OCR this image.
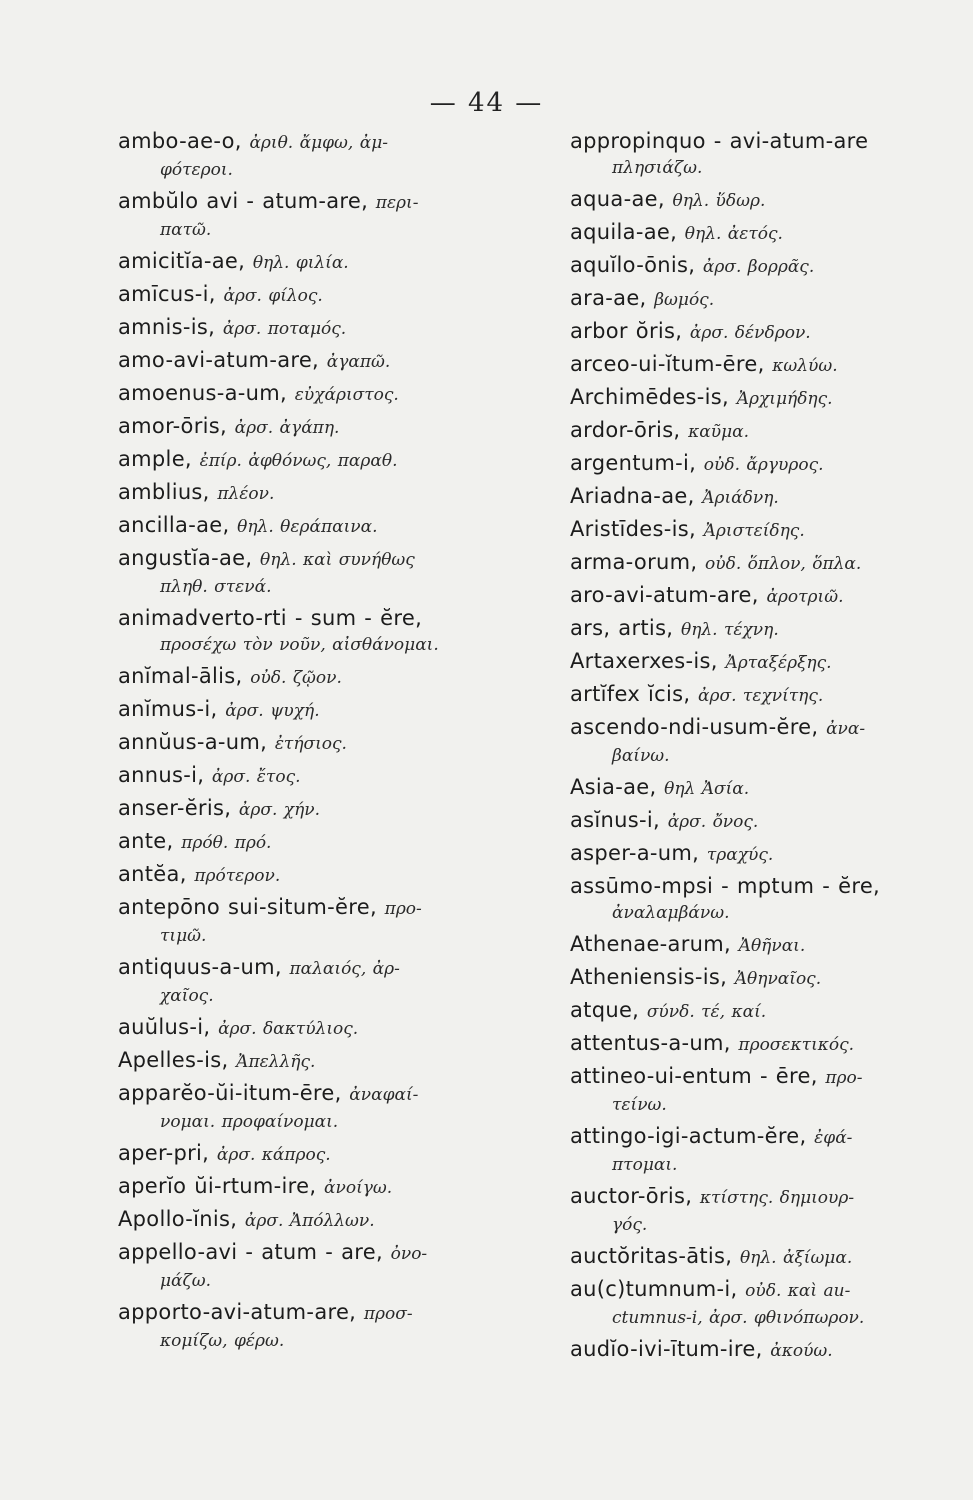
— 44 —
ambo-ae-o, ἀριθ. ἄμφω, ἀμ-
φότεροι.
ambŭlo avi - atum-are, περι-
πατῶ.
amicitĭa-ae, θηλ. φιλία.
amīcus-i, ἀρσ. φίλος.
amnis-is, ἀρσ. ποταμός.
amo-avi-atum-are, ἀγαπῶ.
amoenus-a-um, εὐχάριστος.
amor-ōris, ἀρσ. ἀγάπη.
ample, ἐπίρ. ἀφθόνως, παραθ.
amblius, πλέον.
ancilla-ae, θηλ. θεράπαινα.
angustĭa-ae, θηλ. καὶ συνήθως
πληθ. στενά.
animadverto-rti - sum - ĕre,
προσέχω τὸν νοῦν, αἰσθάνομαι.
anĭmal-ālis, οὐδ. ζῷον.
anĭmus-i, ἀρσ. ψυχή.
annŭus-a-um, ἐτήσιος.
annus-i, ἀρσ. ἔτος.
anser-ĕris, ἀρσ. χήν.
ante, πρόθ. πρό.
antĕa, πρότερον.
antepōno sui-situm-ĕre, προ-
τιμῶ.
antiquus-a-um, παλαιός, ἀρ-
χαῖος.
auŭlus-i, ἀρσ. δακτύλιος.
Apelles-is, Ἀπελλῆς.
apparĕo-ŭi-itum-ēre, ἀναφαί-
νομαι. προφαίνομαι.
aper-pri, ἀρσ. κάπρος.
aperĭo ŭi-rtum-ire, ἀνοίγω.
Apollo-ĭnis, ἀρσ. Ἀπόλλων.
appello-avi - atum - are, ὀνο-
μάζω.
apporto-avi-atum-are, προσ-
κομίζω, φέρω.
appropinquo - avi-atum-are
πλησιάζω.
aqua-ae, θηλ. ὕδωρ.
aquila-ae, θηλ. ἀετός.
aquĭlo-ōnis, ἀρσ. βορρᾶς.
ara-ae, βωμός.
arbor ŏris, ἀρσ. δένδρον.
arceo-ui-ĭtum-ēre, κωλύω.
Archimēdes-is, Ἀρχιμήδης.
ardor-ōris, καῦμα.
argentum-i, οὐδ. ἄργυρος.
Ariadna-ae, Ἀριάδνη.
Aristīdes-is, Ἀριστείδης.
arma-orum, οὐδ. ὅπλον, ὅπλα.
aro-avi-atum-are, ἀροτριῶ.
ars, artis, θηλ. τέχνη.
Artaxerxes-is, Ἀρταξέρξης.
artĭfex ĭcis, ἀρσ. τεχνίτης.
ascendo-ndi-usum-ĕre, ἀνα-
βαίνω.
Asia-ae, θηλ Ἀσία.
asĭnus-i, ἀρσ. ὄνος.
asper-a-um, τραχύς.
assūmo-mpsi - mptum - ĕre,
ἀναλαμβάνω.
Athenae-arum, Ἀθῆναι.
Atheniensis-is, Ἀθηναῖος.
atque, σύνδ. τέ, καί.
attentus-a-um, προσεκτικός.
attineo-ui-entum - ēre, προ-
τείνω.
attingo-igi-actum-ĕre, ἐφά-
πτομαι.
auctor-ōris, κτίστης. δημιουρ-
γός.
auctŏritas-ātis, θηλ. ἀξίωμα.
au(c)tumnum-i, οὐδ. καὶ au-
ctumnus-i, ἀρσ. φθινόπωρον.
audĭo-ivi-ītum-ire, ἀκούω.
